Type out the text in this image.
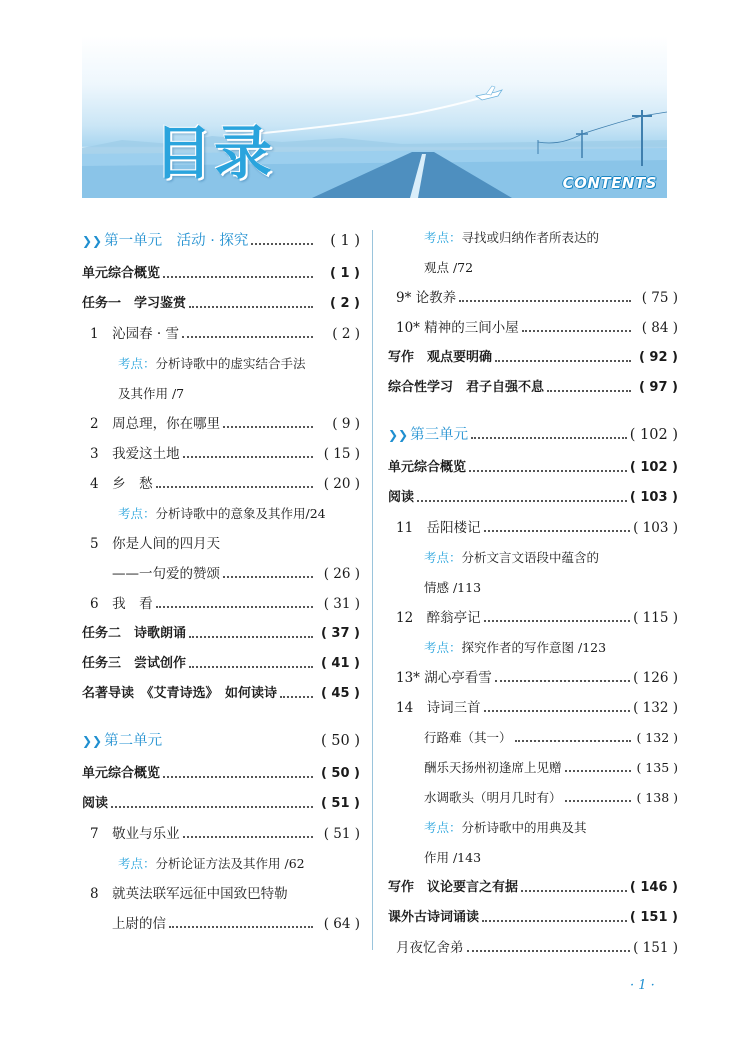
目录	CONTENTS
❯❯ 第一单元　活动 · 探究	( 1 )
单元综合概览	( 1 )
任务一　学习鉴赏	( 2 )
1　沁园春 · 雪	( 2 )
考点：分析诗歌中的虚实结合手法
及其作用 /7
2　周总理，你在哪里	( 9 )
3　我爱这土地	( 15 )
4　乡　愁	( 20 )
考点：分析诗歌中的意象及其作用/24
5　你是人间的四月天
——一句爱的赞颂	( 26 )
6　我　看	( 31 )
任务二　诗歌朗诵	( 37 )
任务三　尝试创作	( 41 )
名著导读　《艾青诗选》　如何读诗	( 45 )
❯❯ 第二单元	( 50 )
单元综合概览	( 50 )
阅读	( 51 )
7　敬业与乐业	( 51 )
考点：分析论证方法及其作用 /62
8　就英法联军远征中国致巴特勒
上尉的信	( 64 )
考点：寻找或归纳作者所表达的
观点 /72
9* 论教养	( 75 )
10* 精神的三间小屋	( 84 )
写作　观点要明确	( 92 )
综合性学习　君子自强不息	( 97 )
❯❯ 第三单元	( 102 )
单元综合概览	( 102 )
阅读	( 103 )
11　岳阳楼记	( 103 )
考点：分析文言文语段中蕴含的
情感 /113
12　醉翁亭记	( 115 )
考点：探究作者的写作意图 /123
13* 湖心亭看雪	( 126 )
14　诗词三首	( 132 )
行路难（其一）	( 132 )
酬乐天扬州初逢席上见赠	( 135 )
水调歌头（明月几时有）	( 138 )
考点：分析诗歌中的用典及其
作用 /143
写作　议论要言之有据	( 146 )
课外古诗词诵读	( 151 )
月夜忆舍弟	( 151 )
· 1 ·
